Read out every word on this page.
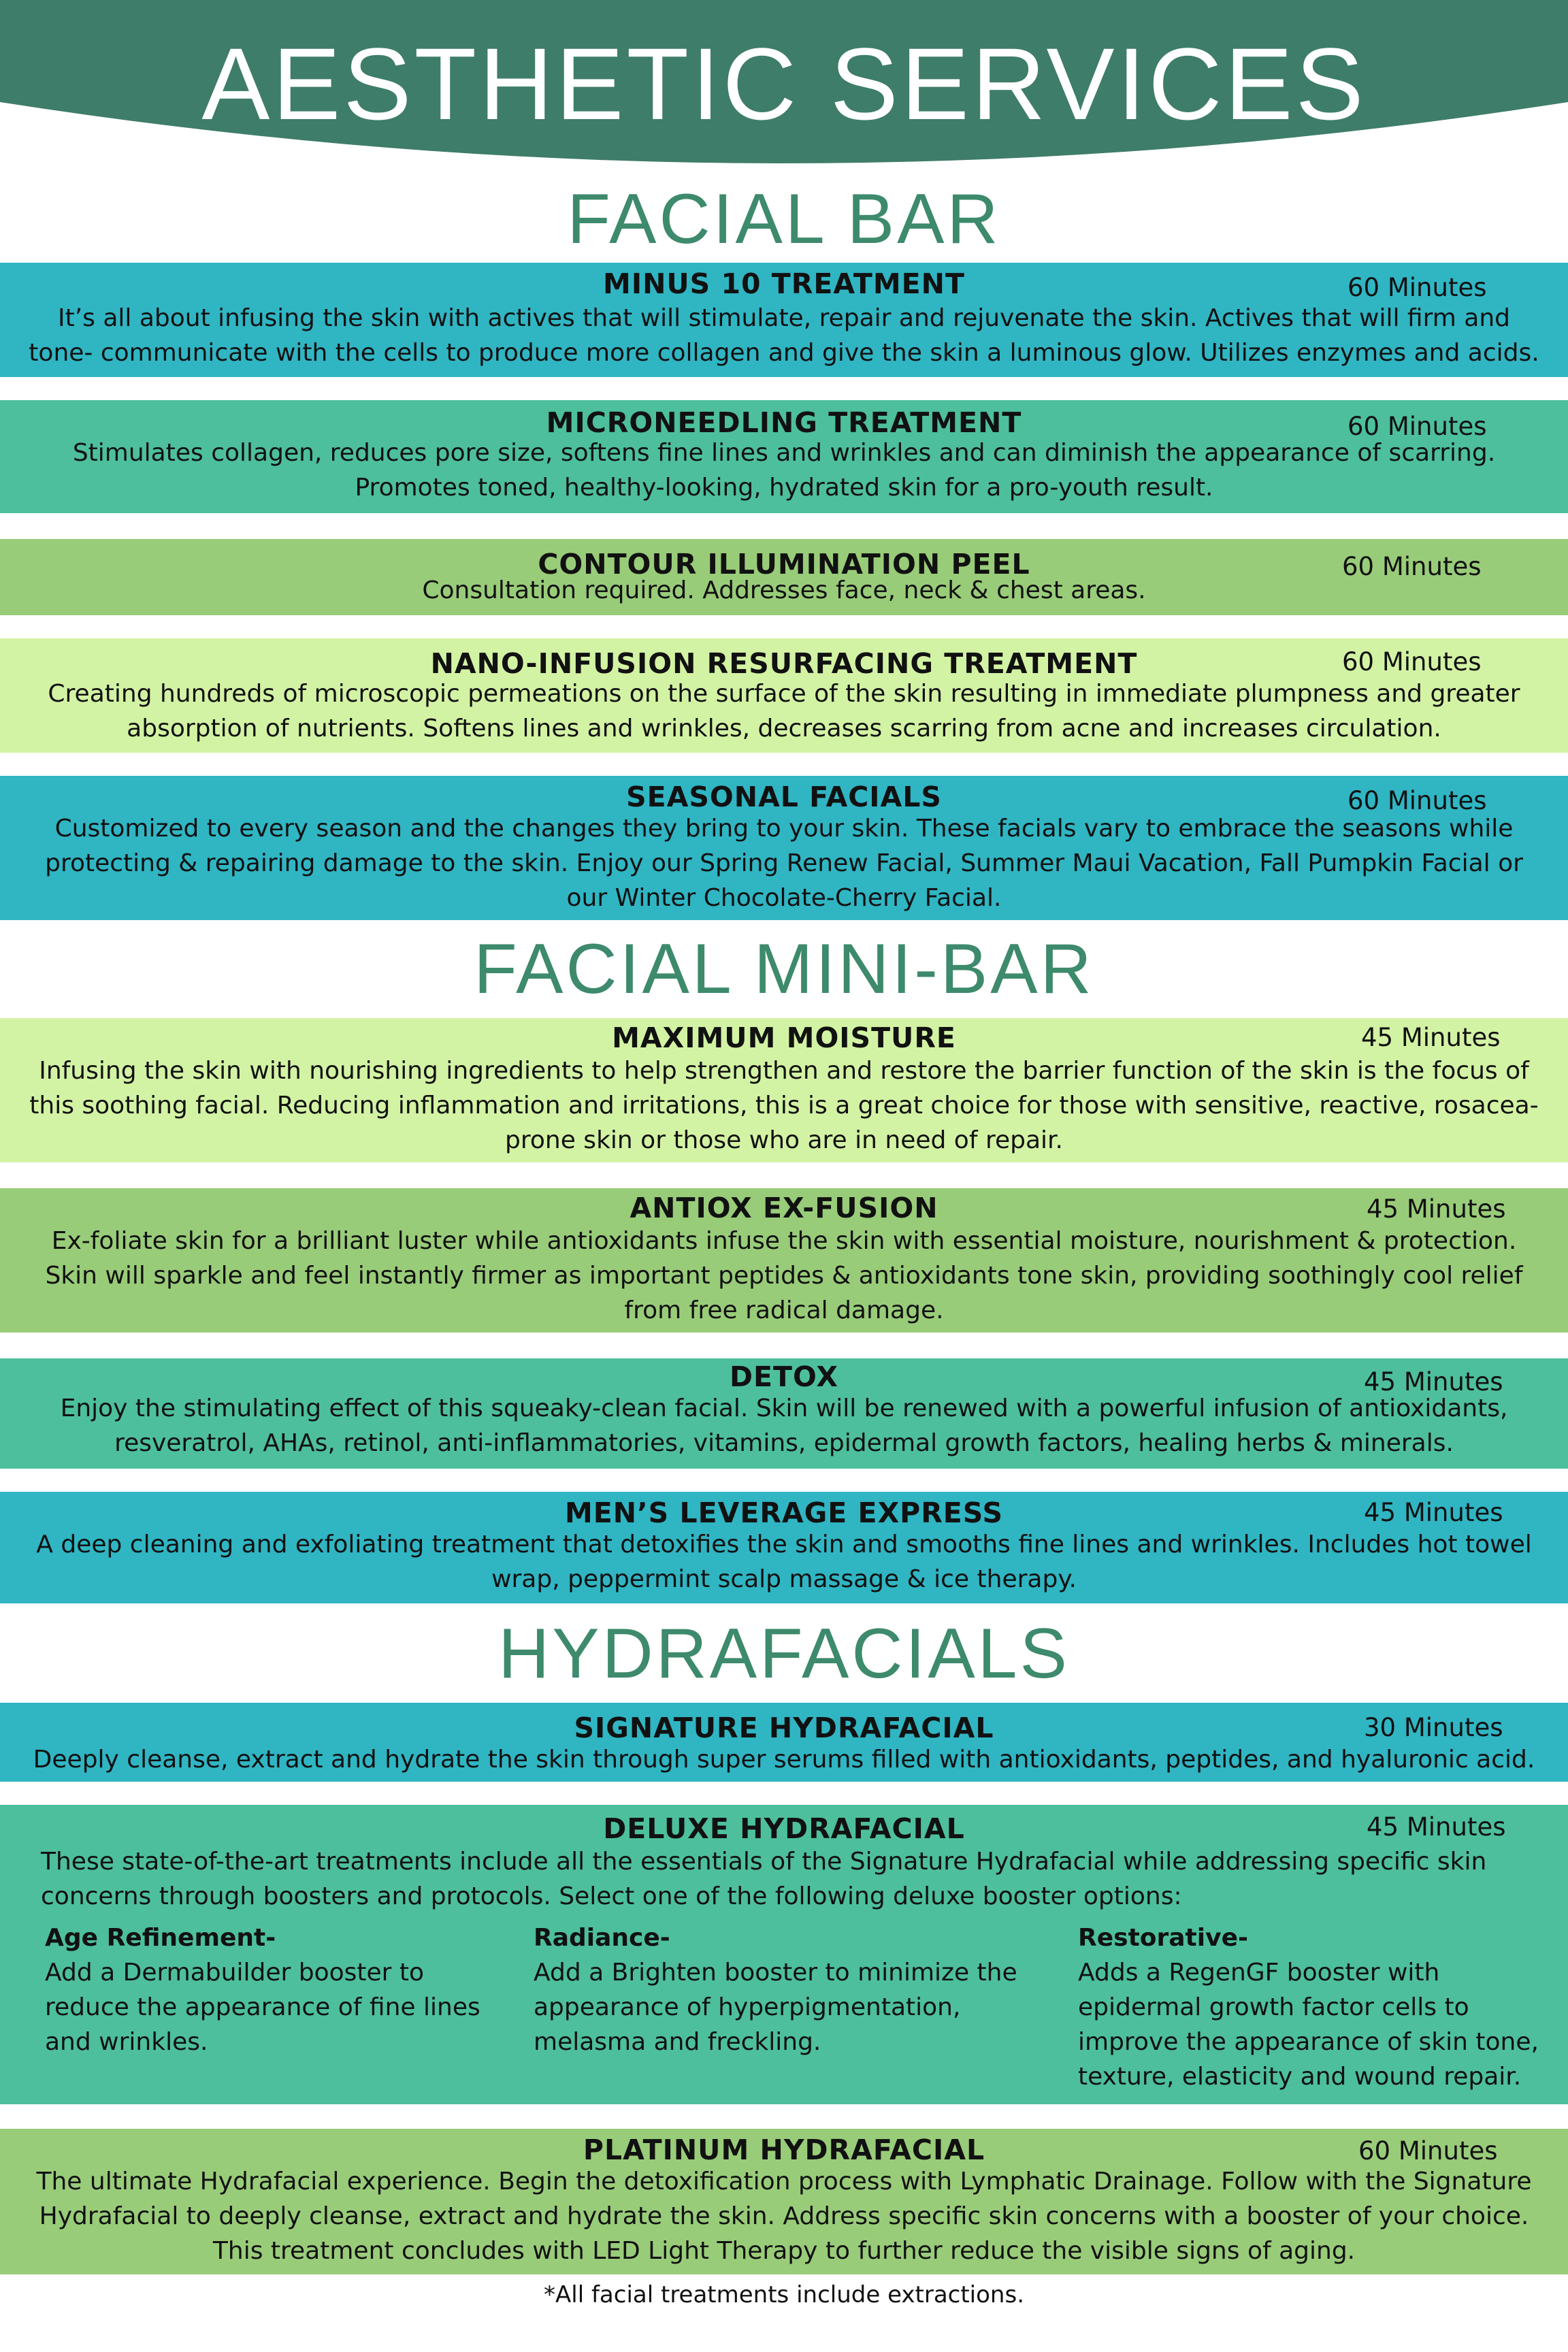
AESTHETIC SERVICES
FACIAL BAR
MINUS 10 TREATMENT	60 Minutes
It’s all about infusing the skin with actives that will stimulate, repair and rejuvenate the skin. Actives that will firm and tone- communicate with the cells to produce more collagen and give the skin a luminous glow. Utilizes enzymes and acids.
MICRONEEDLING TREATMENT	60 Minutes
Stimulates collagen, reduces pore size, softens fine lines and wrinkles and can diminish the appearance of scarring. Promotes toned, healthy-looking, hydrated skin for a pro-youth result.
CONTOUR ILLUMINATION PEEL	60 Minutes
Consultation required. Addresses face, neck & chest areas.
NANO-INFUSION RESURFACING TREATMENT	60 Minutes
Creating hundreds of microscopic permeations on the surface of the skin resulting in immediate plumpness and greater absorption of nutrients. Softens lines and wrinkles, decreases scarring from acne and increases circulation.
SEASONAL FACIALS	60 Minutes
Customized to every season and the changes they bring to your skin. These facials vary to embrace the seasons while protecting & repairing damage to the skin. Enjoy our Spring Renew Facial, Summer Maui Vacation, Fall Pumpkin Facial or our Winter Chocolate-Cherry Facial.
FACIAL MINI-BAR
MAXIMUM MOISTURE	45 Minutes
Infusing the skin with nourishing ingredients to help strengthen and restore the barrier function of the skin is the focus of this soothing facial. Reducing inflammation and irritations, this is a great choice for those with sensitive, reactive, rosacea-prone skin or those who are in need of repair.
ANTIOX EX-FUSION	45 Minutes
Ex-foliate skin for a brilliant luster while antioxidants infuse the skin with essential moisture, nourishment & protection. Skin will sparkle and feel instantly firmer as important peptides & antioxidants tone skin, providing soothingly cool relief from free radical damage.
DETOX	45 Minutes
Enjoy the stimulating effect of this squeaky-clean facial. Skin will be renewed with a powerful infusion of antioxidants, resveratrol, AHAs, retinol, anti-inflammatories, vitamins, epidermal growth factors, healing herbs & minerals.
MEN’S LEVERAGE EXPRESS	45 Minutes
A deep cleaning and exfoliating treatment that detoxifies the skin and smooths fine lines and wrinkles. Includes hot towel wrap, peppermint scalp massage & ice therapy.
HYDRAFACIALS
SIGNATURE HYDRAFACIAL	30 Minutes
Deeply cleanse, extract and hydrate the skin through super serums filled with antioxidants, peptides, and hyaluronic acid.
DELUXE HYDRAFACIAL	45 Minutes
These state-of-the-art treatments include all the essentials of the Signature Hydrafacial while addressing specific skin concerns through boosters and protocols. Select one of the following deluxe booster options:
Age Refinement-
Add a Dermabuilder booster to reduce the appearance of fine lines and wrinkles.
Radiance-
Add a Brighten booster to minimize the appearance of hyperpigmentation, melasma and freckling.
Restorative-
Adds a RegenGF booster with epidermal growth factor cells to improve the appearance of skin tone, texture, elasticity and wound repair.
PLATINUM HYDRAFACIAL	60 Minutes
The ultimate Hydrafacial experience. Begin the detoxification process with Lymphatic Drainage. Follow with the Signature Hydrafacial to deeply cleanse, extract and hydrate the skin. Address specific skin concerns with a booster of your choice. This treatment concludes with LED Light Therapy to further reduce the visible signs of aging.
*All facial treatments include extractions.
